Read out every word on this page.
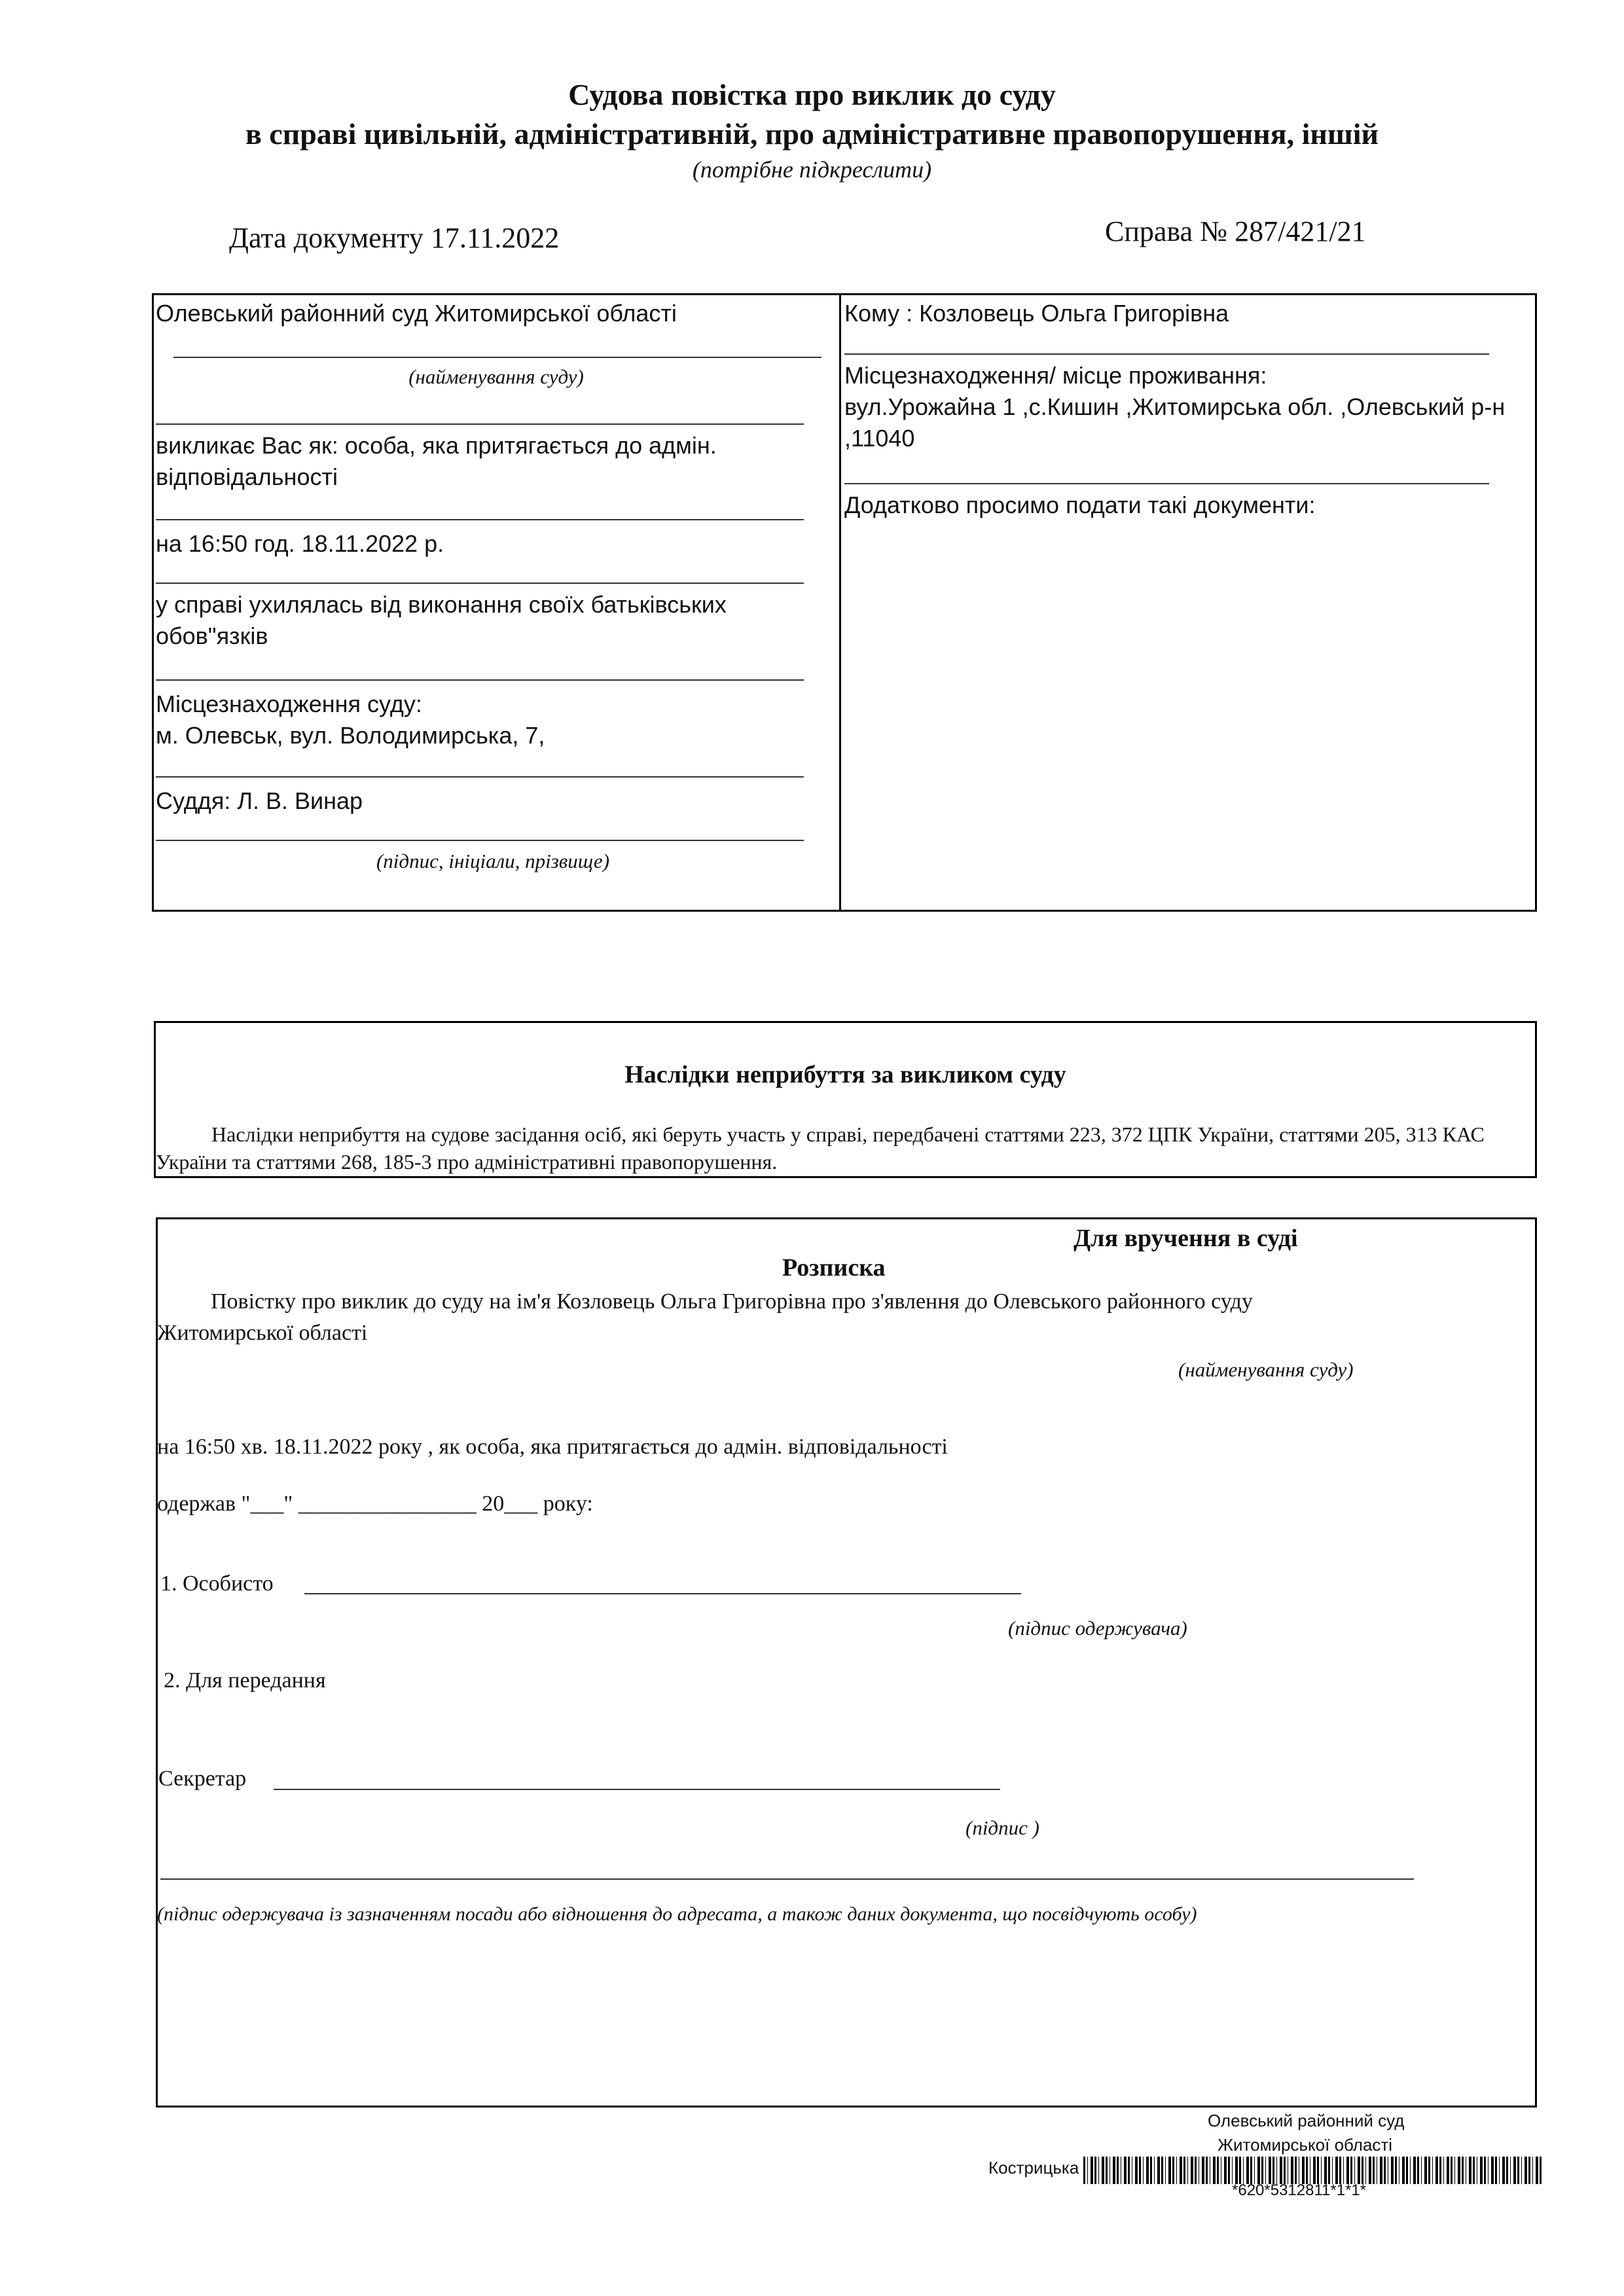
Судова повістка про виклик до суду
в справі цивільній, адміністративній, про адміністративне правопорушення, іншій
(потрібне підкреслити)
Дата документу 17.11.2022	Справа № 287/421/21
Олевський районний суд Житомирської області
(найменування суду)
викликає Вас як: особа, яка притягається до адмін. відповідальності
на 16:50 год. 18.11.2022 р.
у справі ухилялась від виконання своїх батьківських обов"язків
Місцезнаходження суду:
м. Олевськ, вул. Володимирська, 7,
Суддя: Л. В. Винар
(підпис, ініціали, прізвище)
Кому : Козловець Ольга Григорівна
Місцезнаходження/ місце проживання:
вул.Урожайна 1 ,с.Кишин ,Житомирська обл. ,Олевський р-н ,11040
Додатково просимо подати такі документи:
Наслідки неприбуття за викликом суду
Наслідки неприбуття на судове засідання осіб, які беруть участь у справі, передбачені статтями 223, 372 ЦПК України, статтями 205, 313 КАС України та статтями 268, 185-3 про адміністративні правопорушення.
Для вручення в суді
Розписка
Повістку про виклик до суду на ім'я Козловець Ольга Григорівна про з'явлення до Олевського районного суду
Житомирської області
(найменування суду)
на 16:50 хв. 18.11.2022 року , як особа, яка притягається до адмін. відповідальності
одержав "___" ________________ 20___ року:
1. Особисто
(підпис одержувача)
2. Для передання
Секретар
(підпис )
(підпис одержувача із зазначенням посади або відношення до адресата, а також даних документа, що посвідчують особу)
Олевський районний суд
Житомирської області
Кострицька
*620*5312811*1*1*
